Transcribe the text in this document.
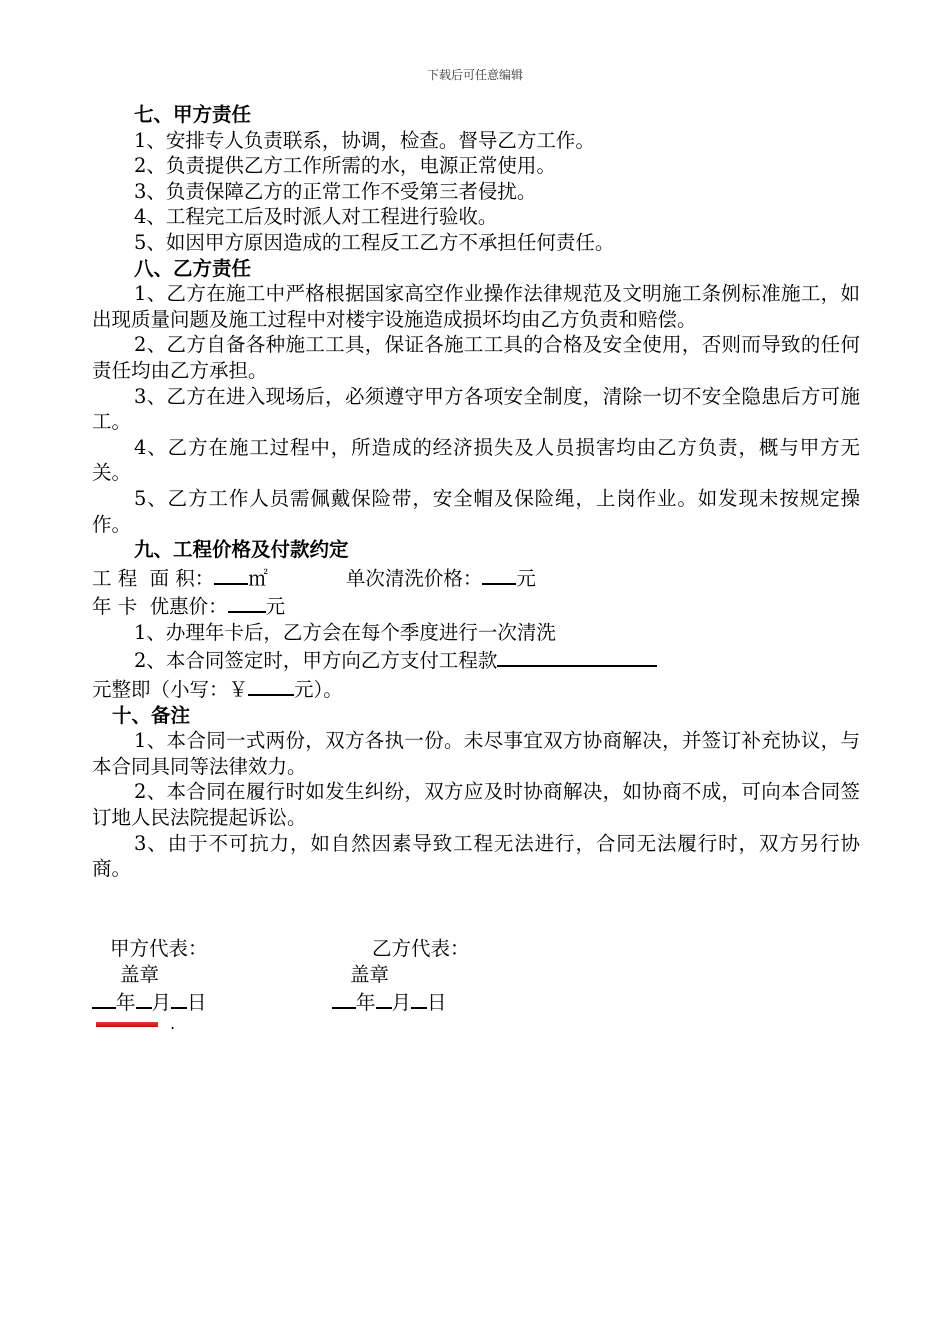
下载后可任意编辑
七、甲方责任
1、安排专人负责联系，协调，检查。督导乙方工作。
2、负责提供乙方工作所需的水，电源正常使用。
3、负责保障乙方的正常工作不受第三者侵扰。
4、工程完工后及时派人对工程进行验收。
5、如因甲方原因造成的工程反工乙方不承担任何责任。
八、乙方责任
1、乙方在施工中严格根据国家高空作业操作法律规范及文明施工条例标准施工，如出现质量问题及施工过程中对楼宇设施造成损坏均由乙方负责和赔偿。
2、乙方自备各种施工工具，保证各施工工具的合格及安全使用，否则而导致的任何责任均由乙方承担。
3、乙方在进入现场后，必须遵守甲方各项安全制度，清除一切不安全隐患后方可施工。
4、乙方在施工过程中，所造成的经济损失及人员损害均由乙方负责，概与甲方无关。
5、乙方工作人员需佩戴保险带，安全帽及保险绳，上岗作业。如发现未按规定操作。
九、工程价格及付款约定
工 程  面 积： ㎡	单次清洗价格： 元
年 卡  优惠价： 元
1、办理年卡后，乙方会在每个季度进行一次清洗
2、本合同签定时，甲方向乙方支付工程款
元整即（小写：￥ 元）。
十、备注
1、本合同一式两份，双方各执一份。未尽事宜双方协商解决，并签订补充协议，与本合同具同等法律效力。
2、本合同在履行时如发生纠纷，双方应及时协商解决，如协商不成，可向本合同签订地人民法院提起诉讼。
3、由于不可抗力，如自然因素导致工程无法进行，合同无法履行时，双方另行协商。
甲方代表：	乙方代表：
盖章	盖章
年 月 日	年 月 日
.
